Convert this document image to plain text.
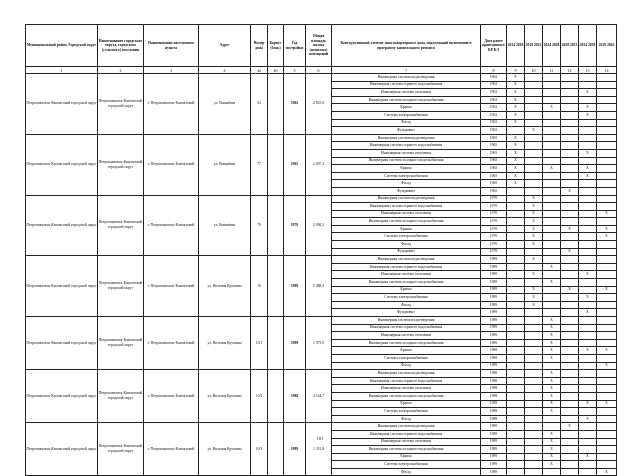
Муниципальный район, Городской округ	Наименование городского округа, городского (сельского) поселения	Наименование населенного пункта	Адрес	Номер дома	Корпус (блок)	Год постройки	Общая площадь жилых (нежилых) помещений	Конструктивный элемент многоквартирного дома, подлежащий включению в программу капитального ремонта	Дата ранее проведенного КР КЭ	2014 2018	2019 2023	2024 2028	2029 2033	2034 2038	2039 2043
1	2	3	4	4а	4б	5	6	7	8	9	10	11	12	13	14
Петропавловск-Камчатский городской округ	Петропавловск-Камчатский городской округ	г. Петропавловск-Камчатский	ул. Вишнёвая	54		1962	2 815,0	Инженерная система водоотведения	1962	X					
								Инженерная система горячего водоснабжения	1962	X					
								Инженерная система отопления	1962	X				X	
								Инженерная система холодного водоснабжения	1962	X					
								Крыша	1962	X		X		X	
								Система электроснабжения	1962	X				X	
								Фасад	1962	X					
								Фундамент	1962		X				
Петропавловск-Камчатский городской округ	Петропавловск-Камчатский городской округ	г. Петропавловск-Камчатский	ул. Вишнёвая	77		1965	2 407,3	Инженерная система водоотведения	1965	X					
								Инженерная система горячего водоснабжения	1965	X					
								Инженерная система отопления	1965	X				X	
								Инженерная система холодного водоснабжения	1965	X					
								Крыша	1965	X		X		X	
								Система электроснабжения	1965	X				X	
								Фасад	1965	X					
								Фундамент	1965				X		
Петропавловск-Камчатский городской округ	Петропавловск-Камчатский городской округ	г. Петропавловск-Камчатский	ул. Вишнёвая	79		1970	2 030,5	Инженерная система водоотведения	1970		X				
								Инженерная система горячего водоснабжения	1970		X				
								Инженерная система отопления	1970		X				X
								Инженерная система холодного водоснабжения	1970		X				
								Крыша	1970		X		X		X
								Система электроснабжения	1970		X				X
								Фасад	1970		X				
								Фундамент	1970				X		
Петропавловск-Камчатский городской округ	Петропавловск-Камчатский городской округ	г. Петропавловск-Камчатский	ул. Виталия Кручины	10		1989	5 488,4	Инженерная система водоотведения	1989		X				
								Инженерная система горячего водоснабжения	1989			X			
								Инженерная система отопления	1989		X			X	
								Инженерная система холодного водоснабжения	1989			X			
								Крыша	1989		X		X		X
								Система электроснабжения	1989		X			X	
								Фасад	1989		X				
								Фундамент	1989					X	
Петропавловск-Камчатский городской округ	Петропавловск-Камчатский городской округ	г. Петропавловск-Камчатский	ул. Виталия Кручины	10/1		1989	1 373,8	Инженерная система водоотведения	1989			X			
								Инженерная система горячего водоснабжения	1989			X			
								Инженерная система отопления	1989			X			
								Инженерная система холодного водоснабжения	1989			X			
								Крыша	1989			X		X	X
								Система электроснабжения	1989			X			
								Фасад	1989						X
Петропавловск-Камчатский городской округ	Петропавловск-Камчатский городской округ	г. Петропавловск-Камчатский	ул. Виталия Кручины	10/2		1988	4 144,7	Инженерная система водоотведения	1988			X			
								Инженерная система горячего водоснабжения	1988			X			
								Инженерная система отопления	1988			X			
								Инженерная система холодного водоснабжения	1988			X			
								Крыша	1988			X		X	X
								Система электроснабжения	1988			X			
								Фасад	1988					X	
Петропавловск-Камчатский городской округ	Петропавловск-Камчатский городской округ	г. Петропавловск-Камчатский	ул. Виталия Кручины	10/3		1989	1 331,8	Инженерная система водоотведения	1989				X		
								Инженерная система горячего водоснабжения	1989			X			
								Инженерная система отопления	1989			X			
								Инженерная система холодного водоснабжения	1989			X			
								Крыша	1989			X		X	
								Система электроснабжения	1989			X			
								Фасад	1989						X
101
